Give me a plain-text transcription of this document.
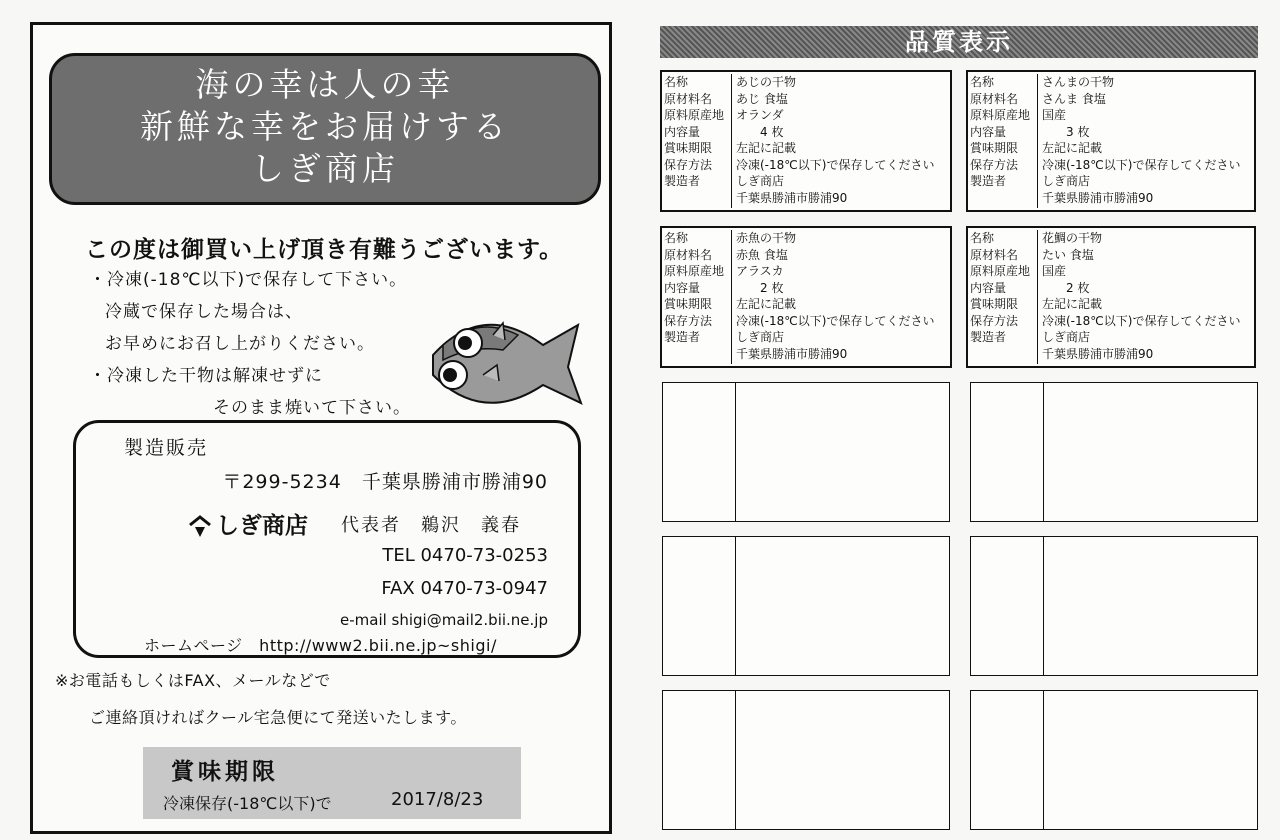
海の幸は人の幸
新鮮な幸をお届けする
しぎ商店
この度は御買い上げ頂き有難うございます。
・冷凍(-18℃以下)で保存して下さい。
冷蔵で保存した場合は、
お早めにお召し上がりください。
・冷凍した干物は解凍せずに
そのまま焼いて下さい。
製造販売
〒299-5234　千葉県勝浦市勝浦90
しぎ商店 代表者　鵜沢　義春
TEL 0470-73-0253
FAX 0470-73-0947
e-mail shigi@mail2.bii.ne.jp
ホームページ　http://www2.bii.ne.jp~shigi/
※お電話もしくはFAX、メールなどで
ご連絡頂ければクール宅急便にて発送いたします。
賞味期限
冷凍保存(-18℃以下)で	2017/8/23
品質表示
名称
原材料名
原料原産地
内容量
賞味期限
保存方法
製造者
あじの干物
あじ 食塩
オランダ
　　4 枚
左記に記載
冷凍(-18℃以下)で保存してください
しぎ商店
千葉県勝浦市勝浦90
名称
原材料名
原料原産地
内容量
賞味期限
保存方法
製造者
さんまの干物
さんま 食塩
国産
　　3 枚
左記に記載
冷凍(-18℃以下)で保存してください
しぎ商店
千葉県勝浦市勝浦90
名称
原材料名
原料原産地
内容量
賞味期限
保存方法
製造者
赤魚の干物
赤魚 食塩
アラスカ
　　2 枚
左記に記載
冷凍(-18℃以下)で保存してください
しぎ商店
千葉県勝浦市勝浦90
名称
原材料名
原料原産地
内容量
賞味期限
保存方法
製造者
花鯛の干物
たい 食塩
国産
　　2 枚
左記に記載
冷凍(-18℃以下)で保存してください
しぎ商店
千葉県勝浦市勝浦90
